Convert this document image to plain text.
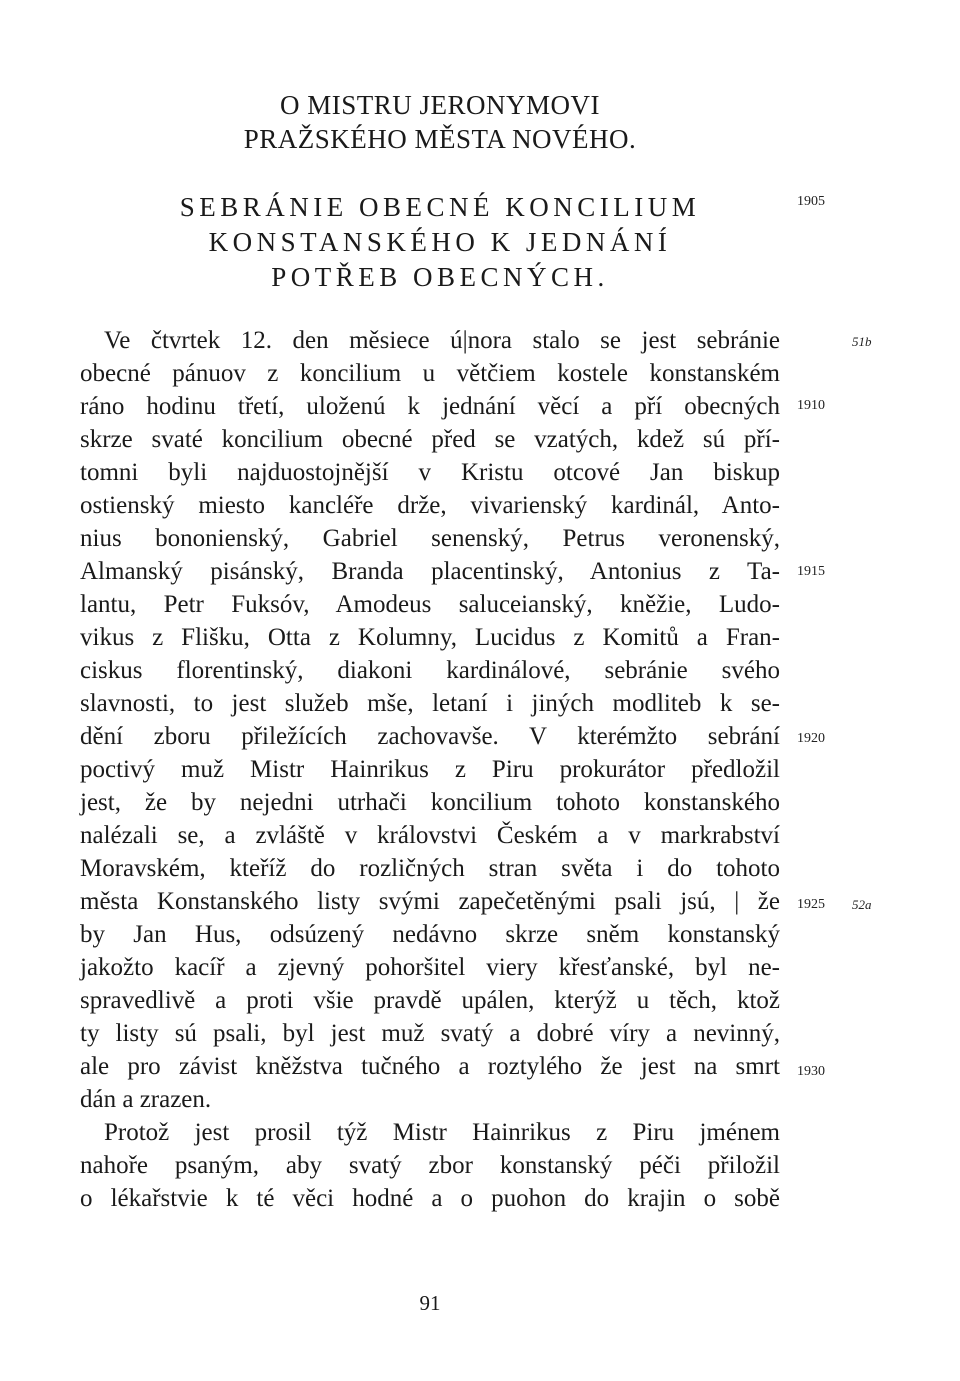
O MISTRU JERONYMOVI
PRAŽSKÉHO MĚSTA NOVÉHO.
SEBRÁNIE OBECNÉ KONCILIUM
KONSTANSKÉHO K JEDNÁNÍ
POTŘEB OBECNÝCH.
Ve čtvrtek 12. den měsiece ú|nora stalo se jest sebránie
obecné pánuov z koncilium u větčiem kostele konstanském
ráno hodinu třetí, uloženú k jednání věcí a pří obecných
skrze svaté koncilium obecné před se vzatých, kdež sú pří-
tomni byli najduostojnější v Kristu otcové Jan biskup
ostienský miesto kancléře drže, vivarienský kardinál, Anto-
nius bononienský, Gabriel senenský, Petrus veronenský,
Almanský pisánský, Branda placentinský, Antonius z Ta-
lantu, Petr Fuksóv, Amodeus saluceianský, kněžie, Ludo-
vikus z Flišku, Otta z Kolumny, Lucidus z Komitů a Fran-
ciskus florentinský, diakoni kardinálové, sebránie svého
slavnosti, to jest služeb mše, letaní i jiných modliteb k se-
dění zboru přiležících zachovavše. V kterémžto sebrání
poctivý muž Mistr Hainrikus z Piru prokurátor předložil
jest, že by nejedni utrhači koncilium tohoto konstanského
nalézali se, a zvláště v královstvi Českém a v markrabství
Moravském, kteříž do rozličných stran světa i do tohoto
města Konstanského listy svými zapečetěnými psali jsú, | že
by Jan Hus, odsúzený nedávno skrze sněm konstanský
jakožto kacíř a zjevný pohoršitel viery křesťanské, byl ne-
spravedlivě a proti všie pravdě upálen, kterýž u těch, ktož
ty listy sú psali, byl jest muž svatý a dobré víry a nevinný,
ale pro závist kněžstva tučného a roztylého že jest na smrt
dán a zrazen.
Protož jest prosil týž Mistr Hainrikus z Piru jménem
nahoře psaným, aby svatý zbor konstanský péči přiložil
o lékařstvie k té věci hodné a o puohon do krajin o sobě
1905
1910
1915
1920
1925
1930
51b
52a
91
